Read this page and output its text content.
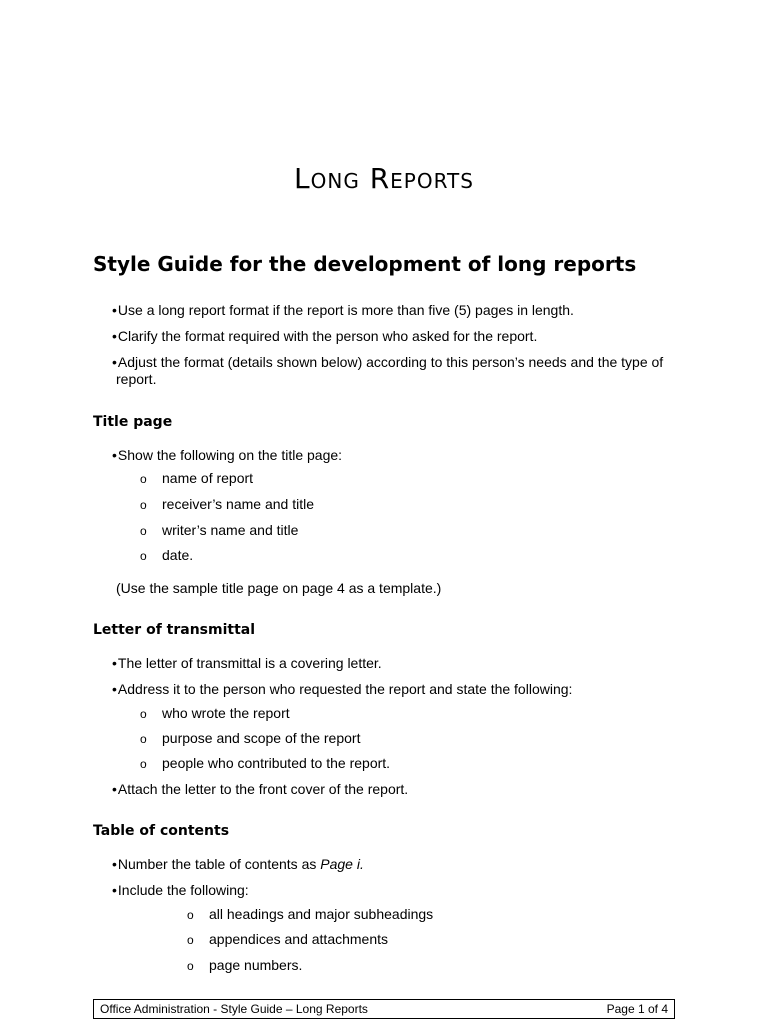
Long Reports
Style Guide for the development of long reports
•Use a long report format if the report is more than five (5) pages in length.
•Clarify the format required with the person who asked for the report.
•Adjust the format (details shown below) according to this person’s needs and the type of
report.
Title page
•Show the following on the title page:
o name of report
o receiver’s name and title
o writer’s name and title
o date.
(Use the sample title page on page 4 as a template.)
Letter of transmittal
•The letter of transmittal is a covering letter.
•Address it to the person who requested the report and state the following:
o who wrote the report
o purpose and scope of the report
o people who contributed to the report.
•Attach the letter to the front cover of the report.
Table of contents
•Number the table of contents as Page i.
•Include the following:
o all headings and major subheadings
o appendices and attachments
o page numbers.
Office Administration - Style Guide – Long Reports	Page 1 of 4
